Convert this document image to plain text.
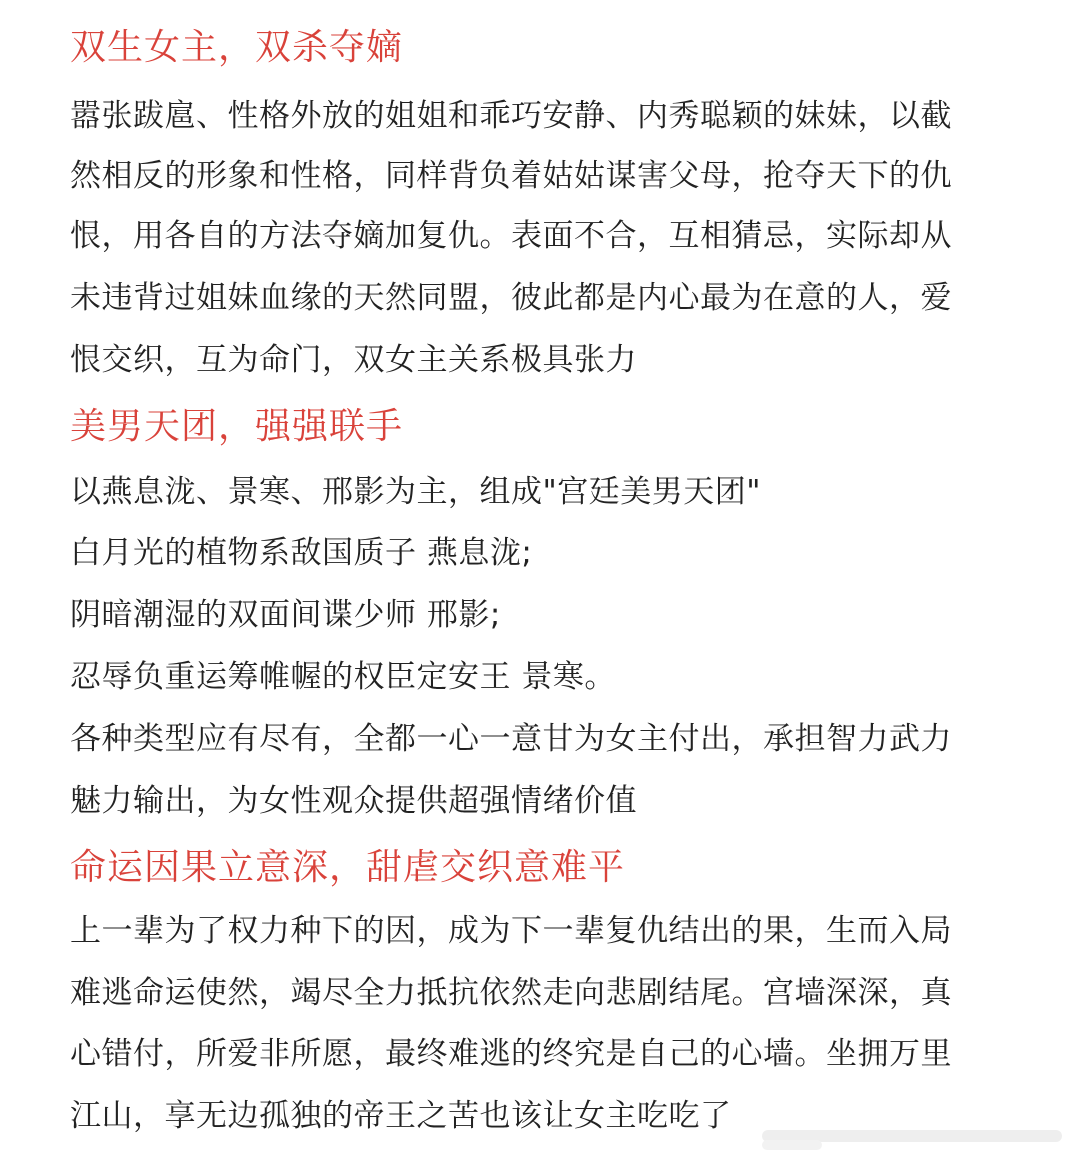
双生女主，双杀夺嫡
嚣张跋扈、性格外放的姐姐和乖巧安静、内秀聪颖的妹妹，以截
然相反的形象和性格，同样背负着姑姑谋害父母，抢夺天下的仇
恨，用各自的方法夺嫡加复仇。表面不合，互相猜忌，实际却从
未违背过姐妹血缘的天然同盟，彼此都是内心最为在意的人，爱
恨交织，互为命门，双女主关系极具张力
美男天团，强强联手
以燕息泷、景寒、邢影为主，组成"宫廷美男天团"
白月光的植物系敌国质子 燕息泷;
阴暗潮湿的双面间谍少师 邢影;
忍辱负重运筹帷幄的权臣定安王 景寒。
各种类型应有尽有，全都一心一意甘为女主付出，承担智力武力
魅力输出，为女性观众提供超强情绪价值
命运因果立意深，甜虐交织意难平
上一辈为了权力种下的因，成为下一辈复仇结出的果，生而入局
难逃命运使然，竭尽全力抵抗依然走向悲剧结尾。宫墙深深，真
心错付，所爱非所愿，最终难逃的终究是自己的心墙。坐拥万里
江山，享无边孤独的帝王之苦也该让女主吃吃了
